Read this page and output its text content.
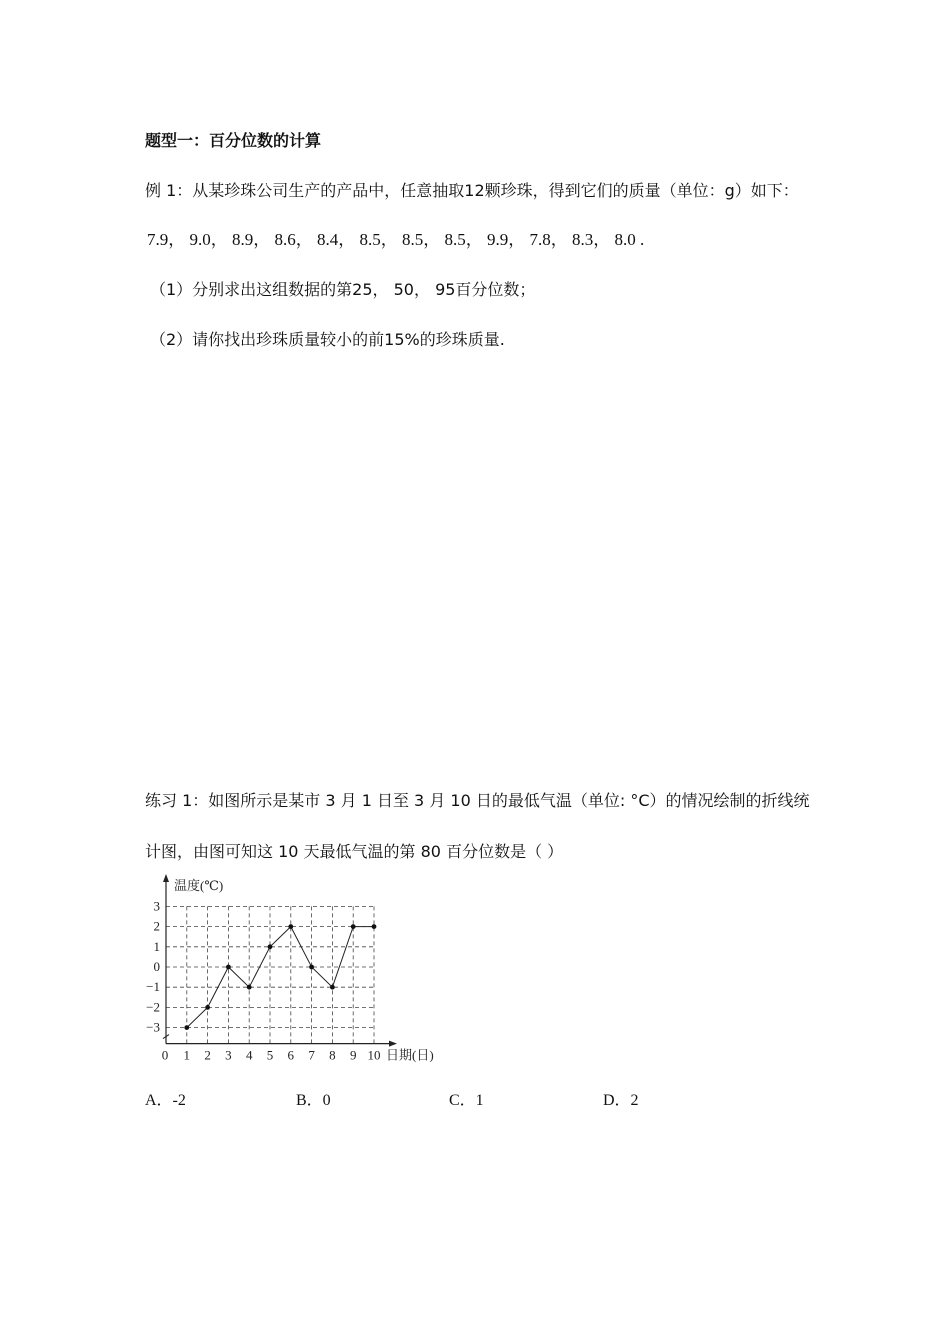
题型一：百分位数的计算
例 1：从某珍珠公司生产的产品中，任意抽取12颗珍珠，得到它们的质量（单位：g）如下：
7.9， 9.0， 8.9， 8.6， 8.4， 8.5， 8.5， 8.5， 9.9， 7.8， 8.3， 8.0 .
（1）分别求出这组数据的第25， 50， 95百分位数；
（2）请你找出珍珠质量较小的前15%的珍珠质量.
练习 1：如图所示是某市 3 月 1 日至 3 月 10 日的最低气温（单位: °C）的情况绘制的折线统
计图，由图可知这 10 天最低气温的第 80 百分位数是（ ）
温度(℃)
日期(日)
3
2
1
0
−1
−2
−3
0 1 2 3 4 5 6 7 8 9 10
A．-2	B．0	C．1	D．2
